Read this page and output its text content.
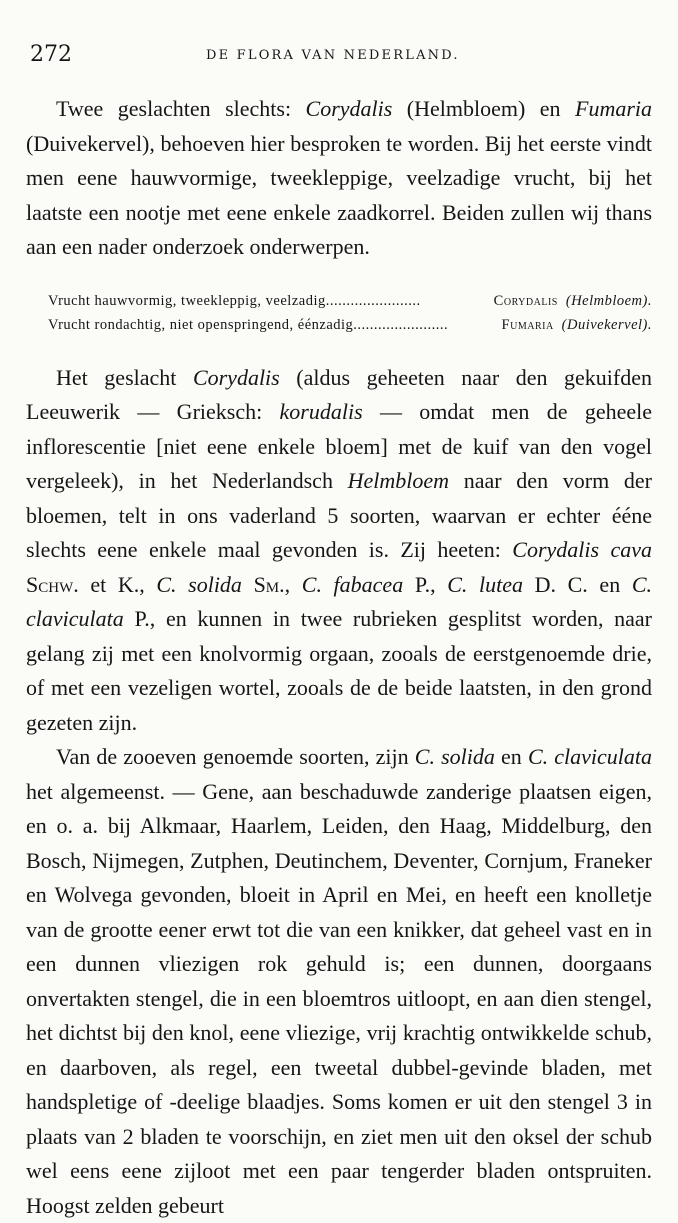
272	DE FLORA VAN NEDERLAND.

Twee geslachten slechts: Corydalis (Helmbloem) en Fumaria (Duivekervel), behoeven hier besproken te worden. Bij het eerste vindt men eene hauwvormige, tweekleppige, veelzadige vrucht, bij het laatste een nootje met eene enkele zaadkorrel. Beiden zullen wij thans aan een nader onderzoek onderwerpen.

Vrucht hauwvormig, tweekleppig, veelzadig .......................	Corydalis (Helmbloem).
Vrucht rondachtig, niet openspringend, éénzadig .......................	Fumaria (Duivekervel).

Het geslacht Corydalis (aldus geheeten naar den gekuifden Leeuwerik — Grieksch: korudalis — omdat men de geheele inflorescentie [niet eene enkele bloem] met de kuif van den vogel vergeleek), in het Nederlandsch Helmbloem naar den vorm der bloemen, telt in ons vaderland 5 soorten, waarvan er echter ééne slechts eene enkele maal gevonden is. Zij heeten: Corydalis cava Schw. et K., C. solida Sm., C. fabacea P., C. lutea D. C. en C. claviculata P., en kunnen in twee rubrieken gesplitst worden, naar gelang zij met een knolvormig orgaan, zooals de eerstgenoemde drie, of met een vezeligen wortel, zooals de de beide laatsten, in den grond gezeten zijn.

Van de zooeven genoemde soorten, zijn C. solida en C. claviculata het algemeenst. — Gene, aan beschaduwde zanderige plaatsen eigen, en o. a. bij Alkmaar, Haarlem, Leiden, den Haag, Middelburg, den Bosch, Nijmegen, Zutphen, Deutinchem, Deventer, Cornjum, Franeker en Wolvega gevonden, bloeit in April en Mei, en heeft een knolletje van de grootte eener erwt tot die van een knikker, dat geheel vast en in een dunnen vliezigen rok gehuld is; een dunnen, doorgaans onvertakten stengel, die in een bloemtros uitloopt, en aan dien stengel, het dichtst bij den knol, eene vliezige, vrij krachtig ontwikkelde schub, en daarboven, als regel, een tweetal dubbel-gevinde bladen, met handspletige of -deelige blaadjes. Soms komen er uit den stengel 3 in plaats van 2 bladen te voorschijn, en ziet men uit den oksel der schub wel eens eene zijloot met een paar tengerder bladen ontspruiten. Hoogst zelden gebeurt
